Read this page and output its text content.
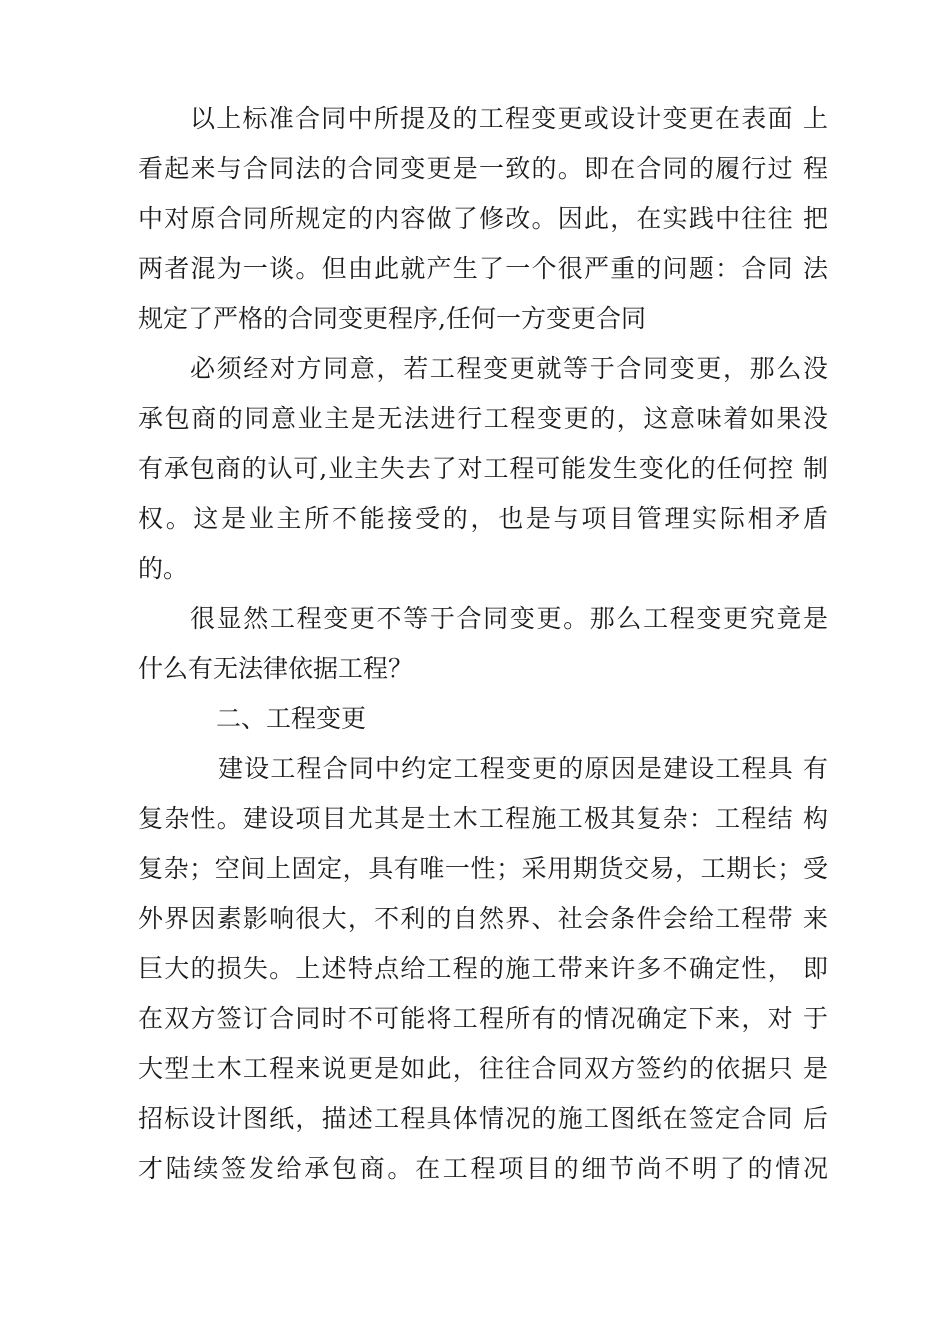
以上标准合同中所提及的工程变更或设计变更在表面 上
看起来与合同法的合同变更是一致的。即在合同的履行过 程
中对原合同所规定的内容做了修改。因此，在实践中往往 把
两者混为一谈。但由此就产生了一个很严重的问题：合同 法
规定了严格的合同变更程序,任何一方变更合同
必须经对方同意，若工程变更就等于合同变更，那么没
承包商的同意业主是无法进行工程变更的，这意味着如果没
有承包商的认可,业主失去了对工程可能发生变化的任何控 制
权。这是业主所不能接受的，也是与项目管理实际相矛盾
的。
很显然工程变更不等于合同变更。那么工程变更究竟是
什么有无法律依据工程？
二、工程变更
建设工程合同中约定工程变更的原因是建设工程具 有
复杂性。建设项目尤其是土木工程施工极其复杂：工程结 构
复杂；空间上固定，具有唯一性；采用期货交易，工期长；受
外界因素影响很大，不利的自然界、社会条件会给工程带 来
巨大的损失。上述特点给工程的施工带来许多不确定性， 即
在双方签订合同时不可能将工程所有的情况确定下来，对 于
大型土木工程来说更是如此，往往合同双方签约的依据只 是
招标设计图纸，描述工程具体情况的施工图纸在签定合同 后
才陆续签发给承包商。在工程项目的细节尚不明了的情况
